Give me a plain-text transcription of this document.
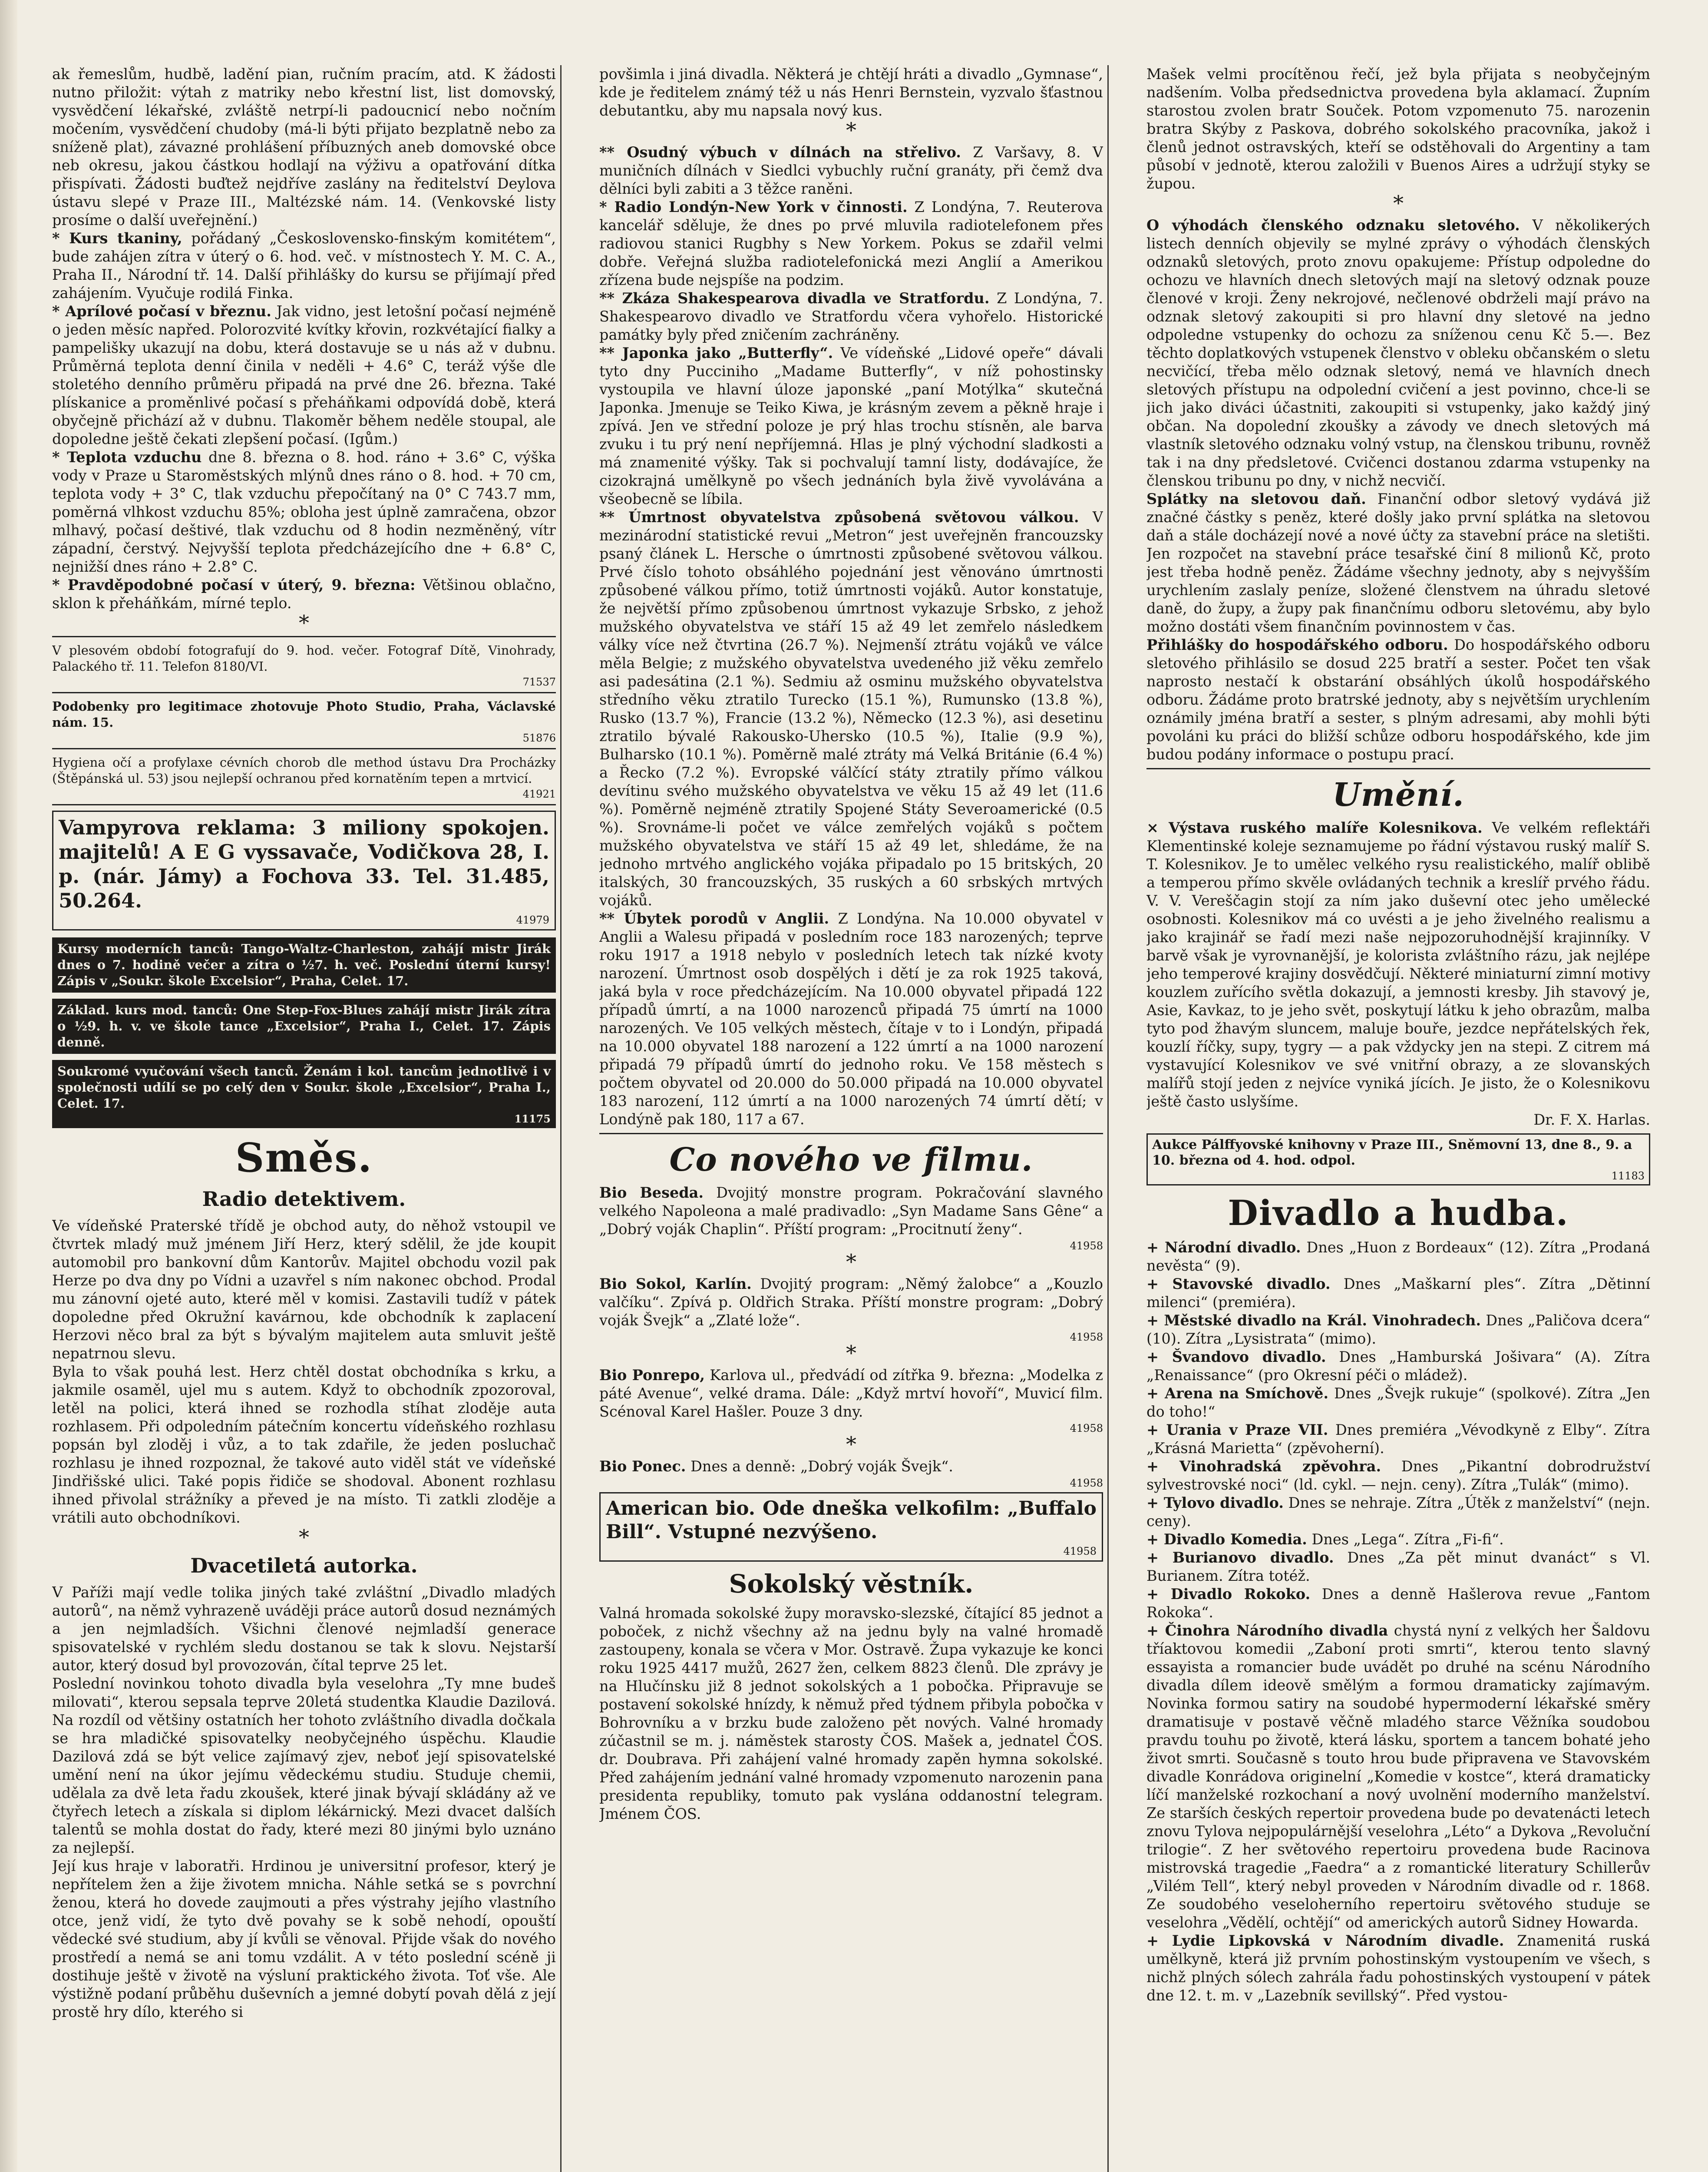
ak řemeslům, hudbě, ladění pian, ručním pracím, atd. K žádosti nutno přiložit: výtah z matriky nebo křestní list, list domovský, vysvědčení lékařské, zvláště netrpí-li padoucnicí nebo nočním močením, vysvědčení chudoby (má-li býti přijato bezplatně nebo za sníženě plat), závazné prohlášení příbuzných aneb domovské obce neb okresu, jakou částkou hodlají na výživu a opatřování dítka přispívati. Žádosti buďtež nejdříve zaslány na ředitelství Deylova ústavu slepé v Praze III., Maltézské nám. 14. (Venkovské listy prosíme o další uveřejnění.)

* Kurs tkaniny, pořádaný „Československo-finským komitétem“, bude zahájen zítra v úterý o 6. hod. več. v místnostech Y. M. C. A., Praha II., Národní tř. 14. Další přihlášky do kursu se přijímají před zahájením. Vyučuje rodilá Finka.

* Aprílové počasí v březnu. Jak vidno, jest letošní počasí nejméně o jeden měsíc napřed. Polorozvité kvítky křovin, rozkvétající fialky a pampelišky ukazují na dobu, která dostavuje se u nás až v dubnu. Průměrná teplota denní činila v neděli + 4.6° C, teráž výše dle stoletého denního průměru připadá na prvé dne 26. března. Také plískanice a proměnlivé počasí s přeháňkami odpovídá době, která obyčejně přichází až v dubnu. Tlakoměr během neděle stoupal, ale dopoledne ještě čekati zlepšení počasí. (Igům.)

* Teplota vzduchu dne 8. března o 8. hod. ráno + 3.6° C, výška vody v Praze u Staroměstských mlýnů dnes ráno o 8. hod. + 70 cm, teplota vody + 3° C, tlak vzduchu přepočítaný na 0° C 743.7 mm, poměrná vlhkost vzduchu 85%; obloha jest úplně zamračena, obzor mlhavý, počasí deštivé, tlak vzduchu od 8 hodin nezměněný, vítr západní, čerstvý. Nejvyšší teplota předcházejícího dne + 6.8° C, nejnižší dnes ráno + 2.8° C.

* Pravděpodobné počasí v úterý, 9. března: Většinou oblačno, sklon k přeháňkám, mírné teplo.

*
V plesovém období fotografují do 9. hod. večer. Fotograf Dítě, Vinohrady, Palackého tř. 11. Telefon 8180/VI.
71537
Podobenky pro legitimace zhotovuje Photo Studio, Praha, Václavské nám. 15.
51876
Hygiena očí a profylaxe cévních chorob dle method ústavu Dra Procházky (Štěpánská ul. 53) jsou nejlepší ochranou před kornatěním tepen a mrtvicí.
41921
Vampyrova reklama: 3 miliony spokojen. majitelů! A E G vyssavače, Vodičkova 28, I. p. (nár. Jámy) a Fochova 33. Tel. 31.485, 50.264.
41979
Kursy moderních tanců: Tango-Waltz-Charleston, zahájí mistr Jirák dnes o 7. hodině večer a zítra o ½7. h. več. Poslední úterní kursy! Zápis v „Soukr. škole Excelsior“, Praha, Celet. 17.
Základ. kurs mod. tanců: One Step-Fox-Blues zahájí mistr Jirák zítra o ½9. h. v. ve škole tance „Excelsior“, Praha I., Celet. 17. Zápis denně.
Soukromé vyučování všech tanců. Ženám i kol. tancům jednotlivě i v společnosti udílí se po celý den v Soukr. škole „Excelsior“, Praha I., Celet. 17.
11175
Směs.
Radio detektivem.

Ve vídeňské Praterské třídě je obchod auty, do něhož vstoupil ve čtvrtek mladý muž jménem Jiří Herz, který sdělil, že jde koupit automobil pro bankovní dům Kantorův. Majitel obchodu vozil pak Herze po dva dny po Vídni a uzavřel s ním nakonec obchod. Prodal mu zánovní ojeté auto, které měl v komisi. Zastavili tudíž v pátek dopoledne před Okružní kavárnou, kde obchodník k zaplacení Herzovi něco bral za být s bývalým majitelem auta smluvit ještě nepatrnou slevu.

Byla to však pouhá lest. Herz chtěl dostat obchodníka s krku, a jakmile osaměl, ujel mu s autem. Když to obchodník zpozoroval, letěl na polici, která ihned se rozhodla stíhat zloděje auta rozhlasem. Při odpoledním pátečním koncertu vídeňského rozhlasu popsán byl zloděj i vůz, a to tak zdařile, že jeden posluchač rozhlasu je ihned rozpoznal, že takové auto viděl stát ve vídeňské Jindřišské ulici. Také popis řidiče se shodoval. Abonent rozhlasu ihned přivolal strážníky a převed je na místo. Ti zatkli zloděje a vrátili auto obchodníkovi.

*
Dvacetiletá autorka.

V Paříži mají vedle tolika jiných také zvláštní „Divadlo mladých autorů“, na němž vyhrazeně uváději práce autorů dosud neznámých a jen nejmladších. Všichni členové nejmladší generace spisovatelské v rychlém sledu dostanou se tak k slovu. Nejstarší autor, který dosud byl provozován, čítal teprve 25 let.

Poslední novinkou tohoto divadla byla veselohra „Ty mne budeš milovati“, kterou sepsala teprve 20letá studentka Klaudie Dazilová. Na rozdíl od většiny ostatních her tohoto zvláštního divadla dočkala se hra mladičké spisovatelky neobyčejného úspěchu. Klaudie Dazilová zdá se být velice zajímavý zjev, neboť její spisovatelské umění není na úkor jejímu vědeckému studiu. Studuje chemii, udělala za dvě leta řadu zkoušek, které jinak bývají skládány až ve čtyřech letech a získala si diplom lékárnický. Mezi dvacet dalších talentů se mohla dostat do řady, které mezi 80 jinými bylo uznáno za nejlepší.

Její kus hraje v laboratři. Hrdinou je universitní profesor, který je nepřítelem žen a žije životem mnicha. Náhle setká se s povrchní ženou, která ho dovede zaujmouti a přes výstrahy jejího vlastního otce, jenž vidí, že tyto dvě povahy se k sobě nehodí, opouští vědecké své studium, aby jí kvůli se věnoval. Přijde však do nového prostředí a nemá se ani tomu vzdálit. A v této poslední scéně ji dostihuje ještě v životě na výsluní praktického života. Toť vše. Ale výstižně podaní průběhu duševních a jemné dobytí povah dělá z její prostě hry dílo, kterého si

povšimla i jiná divadla. Některá je chtějí hráti a divadlo „Gymnase“, kde je ředitelem známý též u nás Henri Bernstein, vyzvalo šťastnou debutantku, aby mu napsala nový kus.

*

** Osudný výbuch v dílnách na střelivo. Z Varšavy, 8. V muničních dílnách v Siedlci vybuchly ruční granáty, při čemž dva dělníci byli zabiti a 3 těžce raněni.

* Radio Londýn-New York v činnosti. Z Londýna, 7. Reuterova kancelář sděluje, že dnes po prvé mluvila radiotelefonem přes radiovou stanici Rugbhy s New Yorkem. Pokus se zdařil velmi dobře. Veřejná služba radiotelefonická mezi Anglií a Amerikou zřízena bude nejspíše na podzim.

** Zkáza Shakespearova divadla ve Stratfordu. Z Londýna, 7. Shakespearovo divadlo ve Stratfordu včera vyhořelo. Historické památky byly před zničením zachráněny.

** Japonka jako „Butterfly“. Ve vídeňské „Lidové opeře“ dávali tyto dny Pucciniho „Madame Butterfly“, v níž pohostinsky vystoupila ve hlavní úloze japonské „paní Motýlka“ skutečná Japonka. Jmenuje se Teiko Kiwa, je krásným zevem a pěkně hraje i zpívá. Jen ve střední poloze je prý hlas trochu stísněn, ale barva zvuku i tu prý není nepříjemná. Hlas je plný východní sladkosti a má znamenité výšky. Tak si pochvalují tamní listy, dodávajíce, že cizokrajná umělkyně po všech jednáních byla živě vyvolávána a všeobecně se líbila.

** Úmrtnost obyvatelstva způsobená světovou válkou. V mezinárodní statistické revui „Metron“ jest uveřejněn francouzsky psaný článek L. Hersche o úmrtnosti způsobené světovou válkou. Prvé číslo tohoto obsáhlého pojednání jest věnováno úmrtnosti způsobené válkou přímo, totiž úmrtnosti vojáků. Autor konstatuje, že největší přímo způsobenou úmrtnost vykazuje Srbsko, z jehož mužského obyvatelstva ve stáří 15 až 49 let zemřelo následkem války více než čtvrtina (26.7 %). Nejmenší ztrátu vojáků ve válce měla Belgie; z mužského obyvatelstva uvedeného již věku zemřelo asi padesátina (2.1 %). Sedmiu až osminu mužského obyvatelstva středního věku ztratilo Turecko (15.1 %), Rumunsko (13.8 %), Rusko (13.7 %), Francie (13.2 %), Německo (12.3 %), asi desetinu ztratilo bývalé Rakousko-Uhersko (10.5 %), Italie (9.9 %), Bulharsko (10.1 %). Poměrně malé ztráty má Velká Británie (6.4 %) a Řecko (7.2 %). Evropské válčící státy ztratily přímo válkou devítinu svého mužského obyvatelstva ve věku 15 až 49 let (11.6 %). Poměrně nejméně ztratily Spojené Státy Severoamerické (0.5 %). Srovnáme-li počet ve válce zemřelých vojáků s počtem mužského obyvatelstva ve stáří 15 až 49 let, shledáme, že na jednoho mrtvého anglického vojáka připadalo po 15 britských, 20 italských, 30 francouzských, 35 ruských a 60 srbských mrtvých vojáků.

** Úbytek porodů v Anglii. Z Londýna. Na 10.000 obyvatel v Anglii a Walesu připadá v posledním roce 183 narozených; teprve roku 1917 a 1918 nebylo v posledních letech tak nízké kvoty narození. Úmrtnost osob dospělých i dětí je za rok 1925 taková, jaká byla v roce předcházejícím. Na 10.000 obyvatel připadá 122 případů úmrtí, a na 1000 narozenců připadá 75 úmrtí na 1000 narozených. Ve 105 velkých městech, čítaje v to i Londýn, připadá na 10.000 obyvatel 188 narození a 122 úmrtí a na 1000 narození připadá 79 případů úmrtí do jednoho roku. Ve 158 městech s počtem obyvatel od 20.000 do 50.000 připadá na 10.000 obyvatel 183 narození, 112 úmrtí a na 1000 narozených 74 úmrtí dětí; v Londýně pak 180, 117 a 67.

Co nového ve filmu.

Bio Beseda. Dvojitý monstre program. Pokračování slavného velkého Napoleona a malé pradivadlo: „Syn Madame Sans Gêne“ a „Dobrý voják Chaplin“. Příští program: „Procitnutí ženy“.
41958

*

Bio Sokol, Karlín. Dvojitý program: „Němý žalobce“ a „Kouzlo valčíku“. Zpívá p. Oldřich Straka. Příští monstre program: „Dobrý voják Švejk“ a „Zlaté lože“.
41958

*

Bio Ponrepo, Karlova ul., předvádí od zítřka 9. března: „Modelka z páté Avenue“, velké drama. Dále: „Když mrtví hovoří“, Muvicí film. Scénoval Karel Hašler. Pouze 3 dny.
41958

*

Bio Ponec. Dnes a denně: „Dobrý voják Švejk“.
41958

American bio. Ode dneška velkofilm: „Buffalo Bill“. Vstupné nezvýšeno.
41958
Sokolský věstník.

Valná hromada sokolské župy moravsko-slezské, čítající 85 jednot a poboček, z nichž všechny až na jednu byly na valné hromadě zastoupeny, konala se včera v Mor. Ostravě. Župa vykazuje ke konci roku 1925 4417 mužů, 2627 žen, celkem 8823 členů. Dle zprávy je na Hlučínsku již 8 jednot sokolských a 1 pobočka. Připravuje se postavení sokolské hnízdy, k němuž před týdnem přibyla pobočka v Bohrovníku a v brzku bude založeno pět nových. Valné hromady zúčastnil se m. j. náměstek starosty ČOS. Mašek a, jednatel ČOS. dr. Doubrava. Při zahájení valné hromady zapěn hymna sokolské. Před zahájením jednání valné hromady vzpomenuto narozenin pana presidenta republiky, tomuto pak vyslána oddanostní telegram. Jménem ČOS.

Mašek velmi procítěnou řečí, jež byla přijata s neobyčejným nadšením. Volba předsednictva provedena byla aklamací. Župním starostou zvolen bratr Souček. Potom vzpomenuto 75. narozenin bratra Skýby z Paskova, dobrého sokolského pracovníka, jakož i členů jednot ostravských, kteří se odstěhovali do Argentiny a tam působí v jednotě, kterou založili v Buenos Aires a udržují styky se župou.

*

O výhodách členského odznaku sletového. V několikerých listech denních objevily se mylné zprávy o výhodách členských odznaků sletových, proto znovu opakujeme: Přístup odpoledne do ochozu ve hlavních dnech sletových mají na sletový odznak pouze členové v kroji. Ženy nekrojové, nečlenové obdrželi mají právo na odznak sletový zakoupiti si pro hlavní dny sletové na jedno odpoledne vstupenky do ochozu za sníženou cenu Kč 5.—. Bez těchto doplatkových vstupenek členstvo v obleku občanském o sletu necvičící, třeba mělo odznak sletový, nemá ve hlavních dnech sletových přístupu na odpolední cvičení a jest povinno, chce-li se jich jako diváci účastniti, zakoupiti si vstupenky, jako každý jiný občan. Na dopolední zkoušky a závody ve dnech sletových má vlastník sletového odznaku volný vstup, na členskou tribunu, rovněž tak i na dny předsletové. Cvičenci dostanou zdarma vstupenky na členskou tribunu po dny, v nichž necvičí.

Splátky na sletovou daň. Finanční odbor sletový vydává již značné částky s peněz, které došly jako první splátka na sletovou daň a stále docházejí nové a nové účty za stavební práce na sletišti. Jen rozpočet na stavební práce tesařské činí 8 milionů Kč, proto jest třeba hodně peněz. Žádáme všechny jednoty, aby s nejvyšším urychlením zaslaly peníze, složené členstvem na úhradu sletové daně, do župy, a župy pak finančnímu odboru sletovému, aby bylo možno dostáti všem finančním povinnostem v čas.

Přihlášky do hospodářského odboru. Do hospodářského odboru sletového přihlásilo se dosud 225 bratří a sester. Počet ten však naprosto nestačí k obstarání obsáhlých úkolů hospodářského odboru. Žádáme proto bratrské jednoty, aby s největším urychlením oznámily jména bratří a sester, s plným adresami, aby mohli býti povoláni ku práci do bližší schůze odboru hospodářského, kde jim budou podány informace o postupu prací.

Umění.

× Výstava ruského malíře Kolesnikova. Ve velkém reflektáři Klementinské koleje seznamujeme po řádní výstavou ruský malíř S. T. Kolesnikov. Je to umělec velkého rysu realistického, malíř oblibě a temperou přímo skvěle ovládaných technik a kreslíř prvého řádu. V. V. Vereščagin stojí za ním jako duševní otec jeho umělecké osobnosti. Kolesnikov má co uvésti a je jeho živelného realismu a jako krajinář se řadí mezi naše nejpozoruhodnější krajinníky. V barvě však je vyrovnanější, je kolorista zvláštního rázu, jak nejlépe jeho temperové krajiny dosvědčují. Některé miniaturní zimní motivy kouzlem zuřícího světla dokazují, a jemnosti kresby. Jih stavový je, Asie, Kavkaz, to je jeho svět, poskytují látku k jeho obrazům, malba tyto pod žhavým sluncem, maluje bouře, jezdce nepřátelských řek, kouzlí říčky, supy, tygry — a pak vždycky jen na stepi. Z citrem má vystavující Kolesnikov ve své vnitřní obrazy, a ze slovanských malířů stojí jeden z nejvíce vyniká jících. Je jisto, že o Kolesnikovu ještě často uslyšíme.
Dr. F. X. Harlas.

Aukce Pálffyovské knihovny v Praze III., Sněmovní 13, dne 8., 9. a 10. března od 4. hod. odpol.
11183
Divadlo a hudba.

+ Národní divadlo. Dnes „Huon z Bordeaux“ (12). Zítra „Prodaná nevěsta“ (9).

+ Stavovské divadlo. Dnes „Maškarní ples“. Zítra „Dětinní milenci“ (premiéra).

+ Městské divadlo na Král. Vinohradech. Dnes „Paličova dcera“ (10). Zítra „Lysistrata“ (mimo).

+ Švandovo divadlo. Dnes „Hamburská Jošivara“ (A). Zítra „Renaissance“ (pro Okresní péči o mládež).

+ Arena na Smíchově. Dnes „Švejk rukuje“ (spolkové). Zítra „Jen do toho!“

+ Urania v Praze VII. Dnes premiéra „Vévodkyně z Elby“. Zítra „Krásná Marietta“ (zpěvoherní).

+ Vinohradská zpěvohra. Dnes „Pikantní dobrodružství sylvestrovské noci“ (ld. cykl. — nejn. ceny). Zítra „Tulák“ (mimo).

+ Tylovo divadlo. Dnes se nehraje. Zítra „Útěk z manželství“ (nejn. ceny).

+ Divadlo Komedia. Dnes „Lega“. Zítra „Fi-fi“.

+ Burianovo divadlo. Dnes „Za pět minut dvanáct“ s Vl. Burianem. Zítra totéž.

+ Divadlo Rokoko. Dnes a denně Hašlerova revue „Fantom Rokoka“.

+ Činohra Národního divadla chystá nyní z velkých her Šaldovu tříaktovou komedii „Zaboní proti smrti“, kterou tento slavný essayista a romancier bude uvádět po druhé na scénu Národního divadla dílem ideově smělým a formou dramaticky zajímavým. Novinka formou satiry na soudobé hypermoderní lékařské směry dramatisuje v postavě věčně mladého starce Věžníka soudobou pravdu touhu po životě, která lásku, sportem a tancem bohaté jeho život smrti. Současně s touto hrou bude připravena ve Stavovském divadle Konrádova originelní „Komedie v kostce“, která dramaticky líčí manželské rozkochaní a nový uvolnění moderního manželství. Ze starších českých repertoir provedena bude po devatenácti letech znovu Tylova nejpopulárnější veselohra „Léto“ a Dykova „Revoluční trilogie“. Z her světového repertoiru provedena bude Racinova mistrovská tragedie „Faedra“ a z romantické literatury Schillerův „Vilém Tell“, který nebyl proveden v Národním divadle od r. 1868. Ze soudobého veseloherního repertoiru světového studuje se veselohra „Vědělí, ochtějí“ od amerických autorů Sidney Howarda.

+ Lydie Lipkovská v Národním divadle. Znamenitá ruská umělkyně, která již prvním pohostinským vystoupením ve všech, s nichž plných sólech zahrála řadu pohostinských vystoupení v pátek dne 12. t. m. v „Lazebník sevillský“. Před vystou-
